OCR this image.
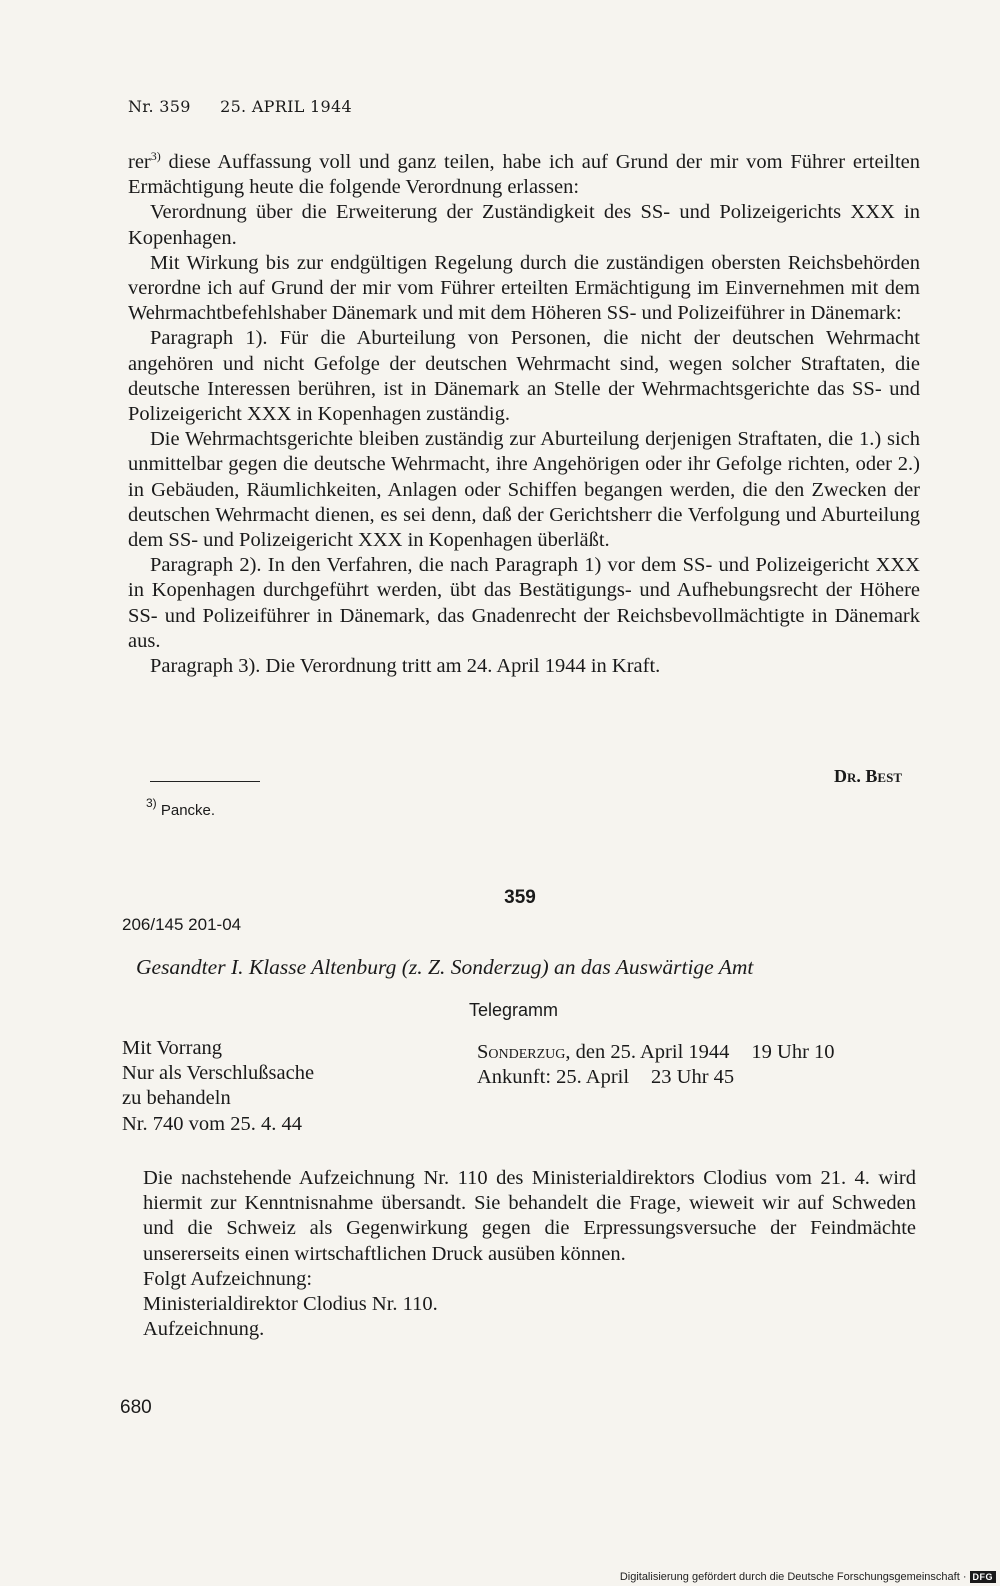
Nr. 359 25. APRIL 1944

rer$^{3)}$ diese Auffassung voll und ganz teilen, habe ich auf Grund der mir vom Führer erteilten Ermächtigung heute die folgende Verordnung erlassen:

Verordnung über die Erweiterung der Zuständigkeit des SS- und Polizeigerichts XXX in Kopenhagen.

Mit Wirkung bis zur endgültigen Regelung durch die zuständigen obersten Reichsbehörden verordne ich auf Grund der mir vom Führer erteilten Ermächtigung im Einvernehmen mit dem Wehrmachtbefehlshaber Dänemark und mit dem Höheren SS- und Polizeiführer in Dänemark:

Paragraph 1). Für die Aburteilung von Personen, die nicht der deutschen Wehrmacht angehören und nicht Gefolge der deutschen Wehrmacht sind, wegen solcher Straftaten, die deutsche Interessen berühren, ist in Dänemark an Stelle der Wehrmachtsgerichte das SS- und Polizeigericht XXX in Kopenhagen zuständig.

Die Wehrmachtsgerichte bleiben zuständig zur Aburteilung derjenigen Straftaten, die 1.) sich unmittelbar gegen die deutsche Wehrmacht, ihre Angehörigen oder ihr Gefolge richten, oder 2.) in Gebäuden, Räumlichkeiten, Anlagen oder Schiffen begangen werden, die den Zwecken der deutschen Wehrmacht dienen, es sei denn, daß der Gerichtsherr die Verfolgung und Aburteilung dem SS- und Polizeigericht XXX in Kopenhagen überläßt.

Paragraph 2). In den Verfahren, die nach Paragraph 1) vor dem SS- und Polizeigericht XXX in Kopenhagen durchgeführt werden, übt das Bestätigungs- und Aufhebungsrecht der Höhere SS- und Polizeiführer in Dänemark, das Gnadenrecht der Reichsbevollmächtigte in Dänemark aus.

Paragraph 3). Die Verordnung tritt am 24. April 1944 in Kraft.

Dr. Best
$^{3)}$ Pancke.
359
206/145 201-04
Gesandter I. Klasse Altenburg (z. Z. Sonderzug) an das Auswärtige Amt
Telegramm
Mit Vorrang
Nur als Verschlußsache
zu behandeln
Nr. 740 vom 25. 4. 44
Sonderzug, den 25. April 1944 19 Uhr 10
Ankunft: 25. April 23 Uhr 45

Die nachstehende Aufzeichnung Nr. 110 des Ministerialdirektors Clodius vom 21. 4. wird hiermit zur Kenntnisnahme übersandt. Sie behandelt die Frage, wieweit wir auf Schweden und die Schweiz als Gegenwirkung gegen die Erpressungsversuche der Feindmächte unsererseits einen wirtschaftlichen Druck ausüben können.

Folgt Aufzeichnung:

Ministerialdirektor Clodius Nr. 110.

Aufzeichnung.

680
Digitalisierung gefördert durch die Deutsche Forschungsgemeinschaft · DFG
